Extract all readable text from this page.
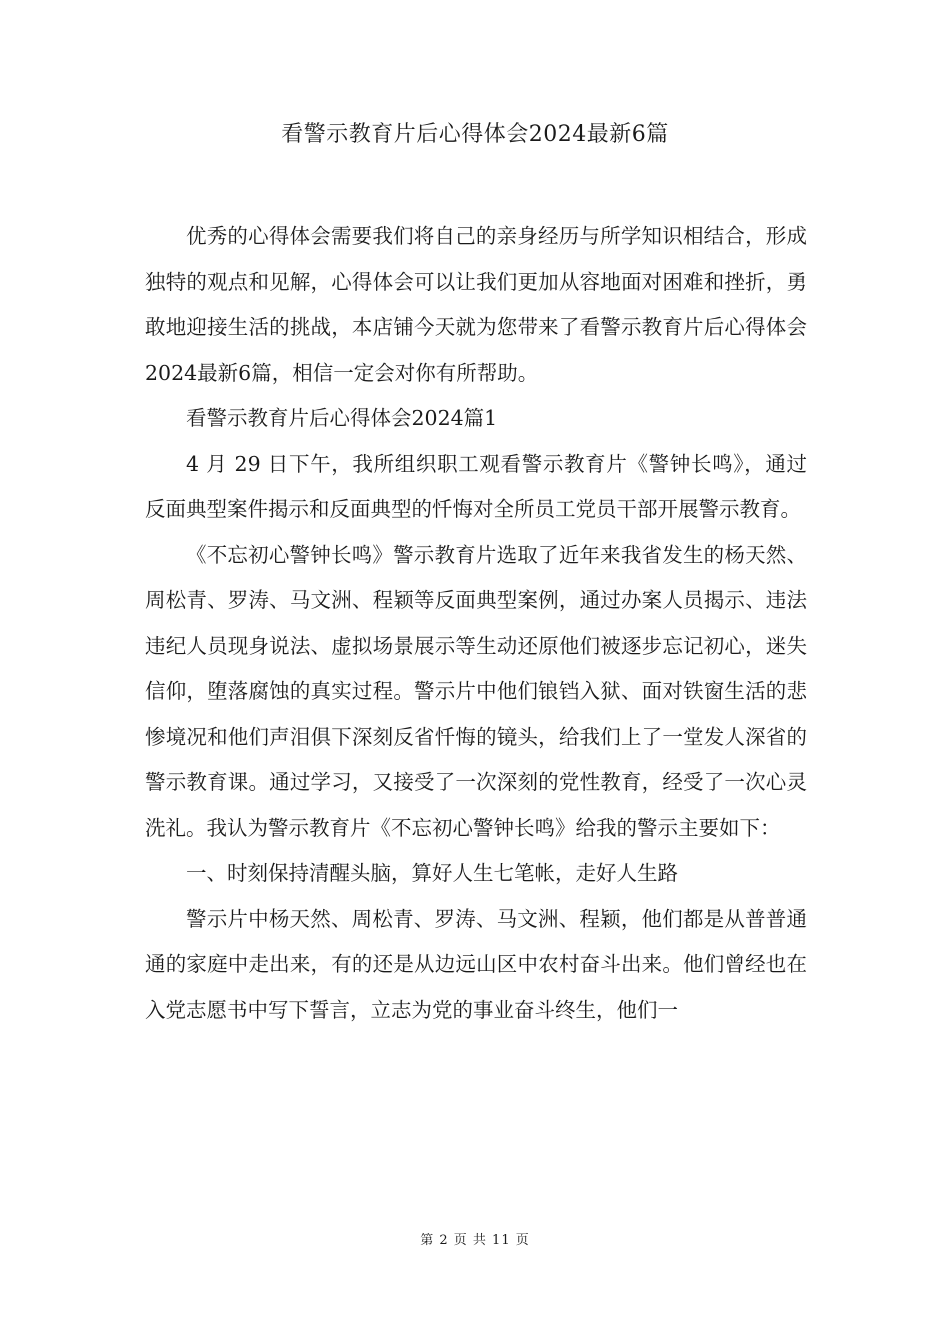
看警示教育片后心得体会2024最新6篇

优秀的心得体会需要我们将自己的亲身经历与所学知识相结合，形成独特的观点和见解，心得体会可以让我们更加从容地面对困难和挫折，勇敢地迎接生活的挑战，本店铺今天就为您带来了看警示教育片后心得体会2024最新6篇，相信一定会对你有所帮助。

看警示教育片后心得体会2024篇1

4 月 29 日下午，我所组织职工观看警示教育片《警钟长鸣》，通过反面典型案件揭示和反面典型的忏悔对全所员工党员干部开展警示教育。

《不忘初心警钟长鸣》警示教育片选取了近年来我省发生的杨天然、周松青、罗涛、马文洲、程颖等反面典型案例，通过办案人员揭示、违法违纪人员现身说法、虚拟场景展示等生动还原他们被逐步忘记初心，迷失信仰，堕落腐蚀的真实过程。警示片中他们锒铛入狱、面对铁窗生活的悲惨境况和他们声泪俱下深刻反省忏悔的镜头，给我们上了一堂发人深省的警示教育课。通过学习，又接受了一次深刻的党性教育，经受了一次心灵洗礼。我认为警示教育片《不忘初心警钟长鸣》给我的警示主要如下：

一、时刻保持清醒头脑，算好人生七笔帐，走好人生路

警示片中杨天然、周松青、罗涛、马文洲、程颖，他们都是从普普通通的家庭中走出来，有的还是从边远山区中农村奋斗出来。他们曾经也在入党志愿书中写下誓言，立志为党的事业奋斗终生，他们一

第 2 页 共 11 页
